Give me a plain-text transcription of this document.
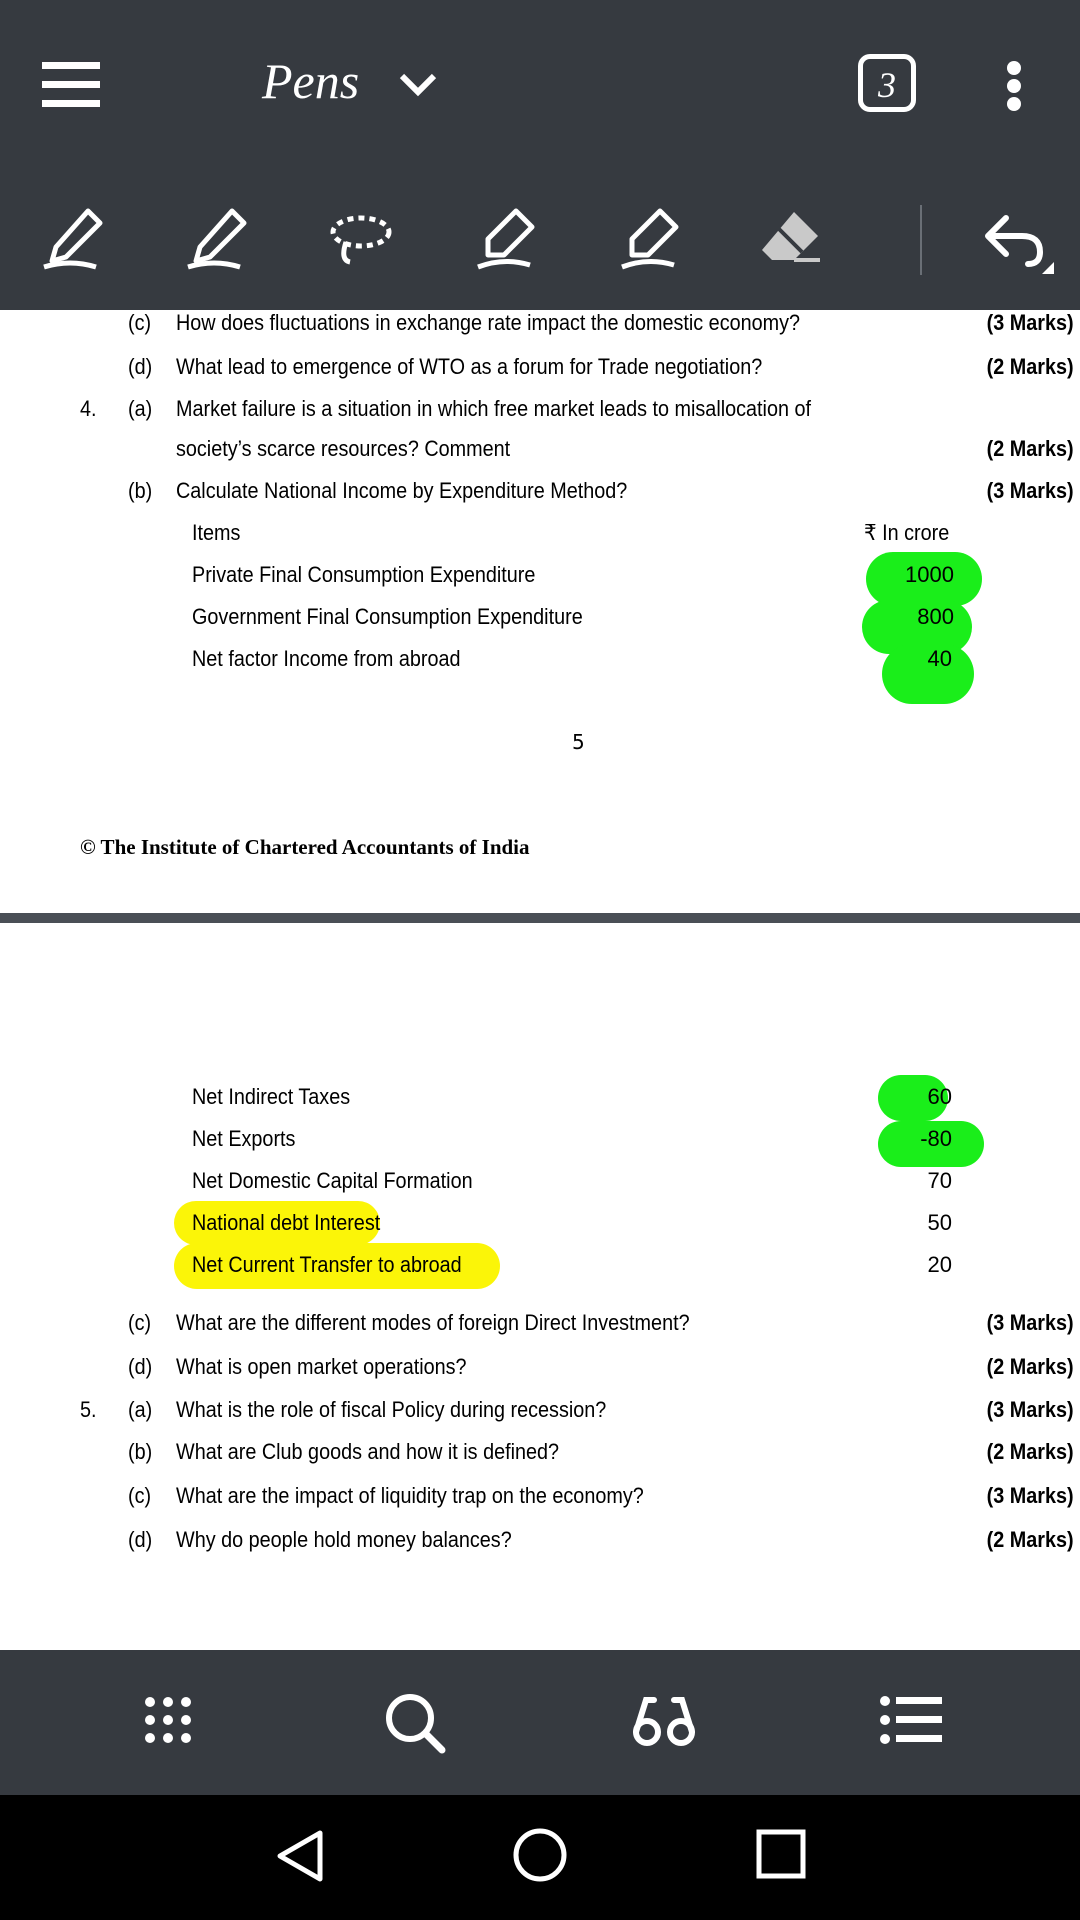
Pens	3
(c) How does fluctuations in exchange rate impact the domestic economy?	(3 Marks)
(d) What lead to emergence of WTO as a forum for Trade negotiation?	(2 Marks)
4. (a) Market failure is a situation in which free market leads to misallocation of
society’s scarce resources? Comment	(2 Marks)
(b) Calculate National Income by Expenditure Method?	(3 Marks)
Items	₹ In crore
Private Final Consumption Expenditure	1000
Government Final Consumption Expenditure	800
Net factor Income from abroad	40
5
© The Institute of Chartered Accountants of India
Net Indirect Taxes	60
Net Exports	-80
Net Domestic Capital Formation	70
National debt Interest	50
Net Current Transfer to abroad	20
(c) What are the different modes of foreign Direct Investment?	(3 Marks)
(d) What is open market operations?	(2 Marks)
5. (a) What is the role of fiscal Policy during recession?	(3 Marks)
(b) What are Club goods and how it is defined?	(2 Marks)
(c) What are the impact of liquidity trap on the economy?	(3 Marks)
(d) Why do people hold money balances?	(2 Marks)
